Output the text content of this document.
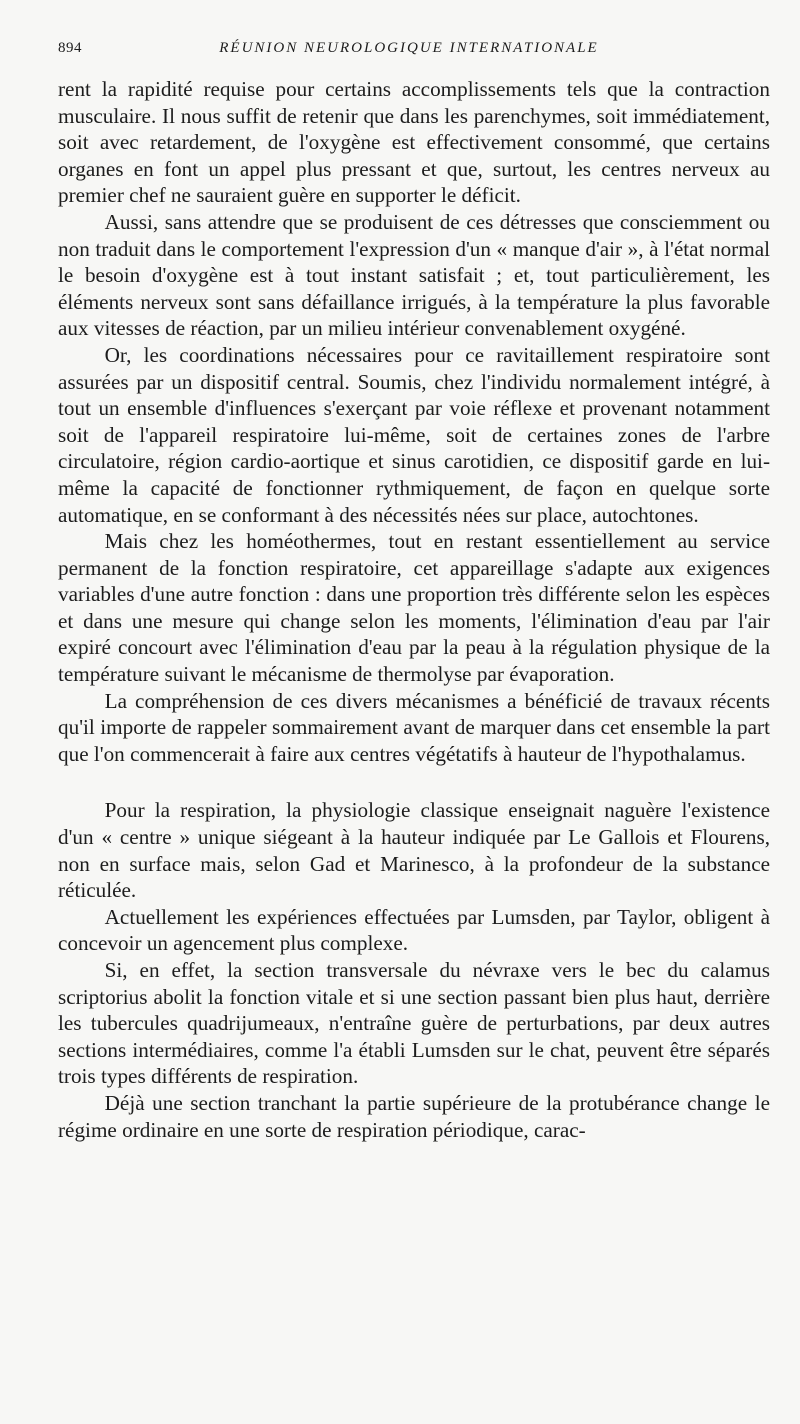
894	RÉUNION NEUROLOGIQUE INTERNATIONALE

rent la rapidité requise pour certains accomplissements tels que la contraction musculaire. Il nous suffit de retenir que dans les parenchymes, soit immédiatement, soit avec retardement, de l'oxygène est effectivement consommé, que certains organes en font un appel plus pressant et que, surtout, les centres nerveux au premier chef ne sauraient guère en supporter le déficit.

Aussi, sans attendre que se produisent de ces détresses que consciemment ou non traduit dans le comportement l'expression d'un « manque d'air », à l'état normal le besoin d'oxygène est à tout instant satisfait ; et, tout particulièrement, les éléments nerveux sont sans défaillance irrigués, à la température la plus favorable aux vitesses de réaction, par un milieu intérieur convenablement oxygéné.

Or, les coordinations nécessaires pour ce ravitaillement respiratoire sont assurées par un dispositif central. Soumis, chez l'individu normalement intégré, à tout un ensemble d'influences s'exerçant par voie réflexe et provenant notamment soit de l'appareil respiratoire lui-même, soit de certaines zones de l'arbre circulatoire, région cardio-aortique et sinus carotidien, ce dispositif garde en lui-même la capacité de fonctionner rythmiquement, de façon en quelque sorte automatique, en se conformant à des nécessités nées sur place, autochtones.

Mais chez les homéothermes, tout en restant essentiellement au service permanent de la fonction respiratoire, cet appareillage s'adapte aux exigences variables d'une autre fonction : dans une proportion très différente selon les espèces et dans une mesure qui change selon les moments, l'élimination d'eau par l'air expiré concourt avec l'élimination d'eau par la peau à la régulation physique de la température suivant le mécanisme de thermolyse par évaporation.

La compréhension de ces divers mécanismes a bénéficié de travaux récents qu'il importe de rappeler sommairement avant de marquer dans cet ensemble la part que l'on commencerait à faire aux centres végétatifs à hauteur de l'hypothalamus.

Pour la respiration, la physiologie classique enseignait naguère l'existence d'un « centre » unique siégeant à la hauteur indiquée par Le Gallois et Flourens, non en surface mais, selon Gad et Marinesco, à la profondeur de la substance réticulée.

Actuellement les expériences effectuées par Lumsden, par Taylor, obligent à concevoir un agencement plus complexe.

Si, en effet, la section transversale du névraxe vers le bec du calamus scriptorius abolit la fonction vitale et si une section passant bien plus haut, derrière les tubercules quadrijumeaux, n'entraîne guère de perturbations, par deux autres sections intermédiaires, comme l'a établi Lumsden sur le chat, peuvent être séparés trois types différents de respiration.

Déjà une section tranchant la partie supérieure de la protubérance change le régime ordinaire en une sorte de respiration périodique, carac-
